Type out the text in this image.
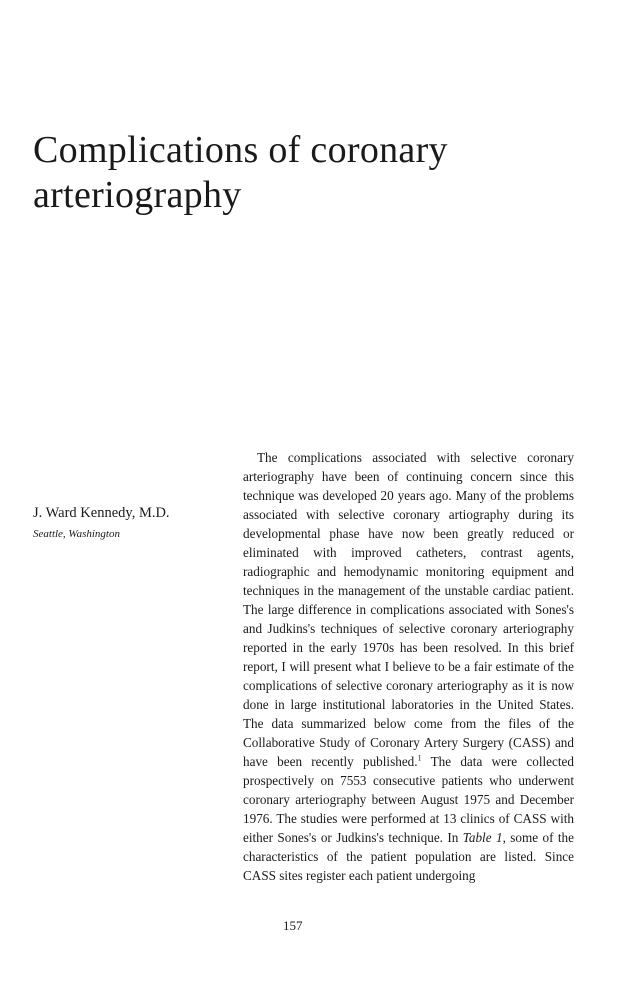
Complications of coronary
arteriography
J. Ward Kennedy, M.D.
Seattle, Washington

The complications associated with selective coronary arteriography have been of continuing concern since this technique was developed 20 years ago. Many of the problems associated with selective coronary artiography during its developmental phase have now been greatly reduced or eliminated with improved catheters, contrast agents, radiographic and hemodynamic monitoring equipment and techniques in the management of the unstable cardiac patient. The large difference in complications associated with Sones's and Judkins's techniques of selective coronary arteriography reported in the early 1970s has been resolved. In this brief report, I will present what I believe to be a fair estimate of the complications of selective coronary arteriography as it is now done in large institutional laboratories in the United States. The data summarized below come from the files of the Collaborative Study of Coronary Artery Surgery (CASS) and have been recently published.$^1$ The data were collected prospectively on 7553 consecutive patients who underwent coronary arteriography between August 1975 and December 1976. The studies were performed at 13 clinics of CASS with either Sones's or Judkins's technique. In Table 1, some of the characteristics of the patient population are listed. Since CASS sites register each patient undergoing

157
